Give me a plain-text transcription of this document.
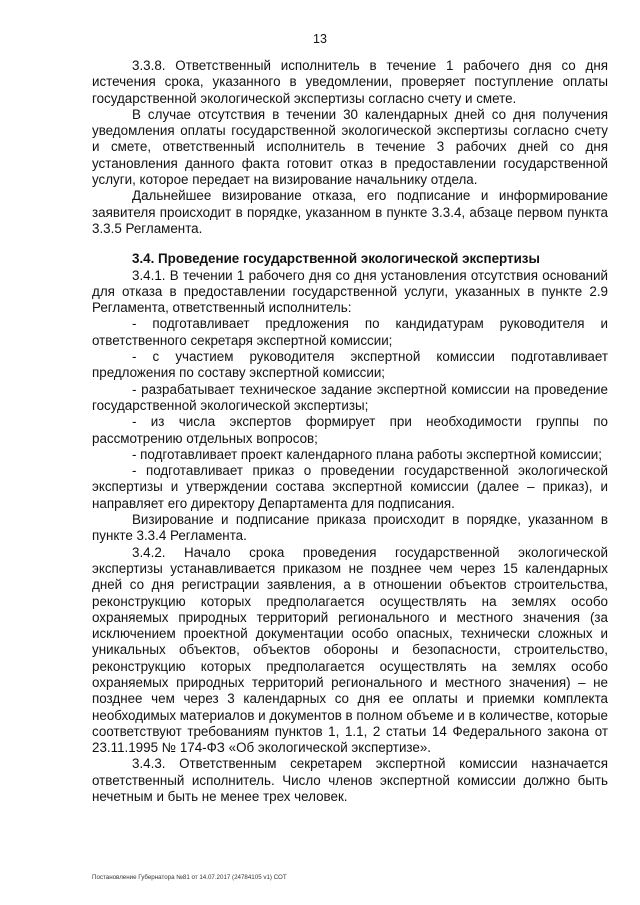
13

3.3.8. Ответственный исполнитель в течение 1 рабочего дня со дня истечения срока, указанного в уведомлении, проверяет поступление оплаты государственной экологической экспертизы согласно счету и смете.

В случае отсутствия в течении 30 календарных дней со дня получения уведомления оплаты государственной экологической экспертизы согласно счету и смете, ответственный исполнитель в течение 3 рабочих дней со дня установления данного факта готовит отказ в предоставлении государственной услуги, которое передает на визирование начальнику отдела.

Дальнейшее визирование отказа, его подписание и информирование заявителя происходит в порядке, указанном в пункте 3.3.4, абзаце первом пункта 3.3.5 Регламента.

3.4. Проведение государственной экологической экспертизы

3.4.1. В течении 1 рабочего дня со дня установления отсутствия оснований для отказа в предоставлении государственной услуги, указанных в пункте 2.9 Регламента, ответственный исполнитель:

- подготавливает предложения по кандидатурам руководителя и ответственного секретаря экспертной комиссии;

- с участием руководителя экспертной комиссии подготавливает предложения по составу экспертной комиссии;

- разрабатывает техническое задание экспертной комиссии на проведение государственной экологической экспертизы;

- из числа экспертов формирует при необходимости группы по рассмотрению отдельных вопросов;

- подготавливает проект календарного плана работы экспертной комиссии;

- подготавливает приказ о проведении государственной экологической экспертизы и утверждении состава экспертной комиссии (далее – приказ), и направляет его директору Департамента для подписания.

Визирование и подписание приказа происходит в порядке, указанном в пункте 3.3.4 Регламента.

3.4.2. Начало срока проведения государственной экологической экспертизы устанавливается приказом не позднее чем через 15 календарных дней со дня регистрации заявления, а в отношении объектов строительства, реконструкцию которых предполагается осуществлять на землях особо охраняемых природных территорий регионального и местного значения (за исключением проектной документации особо опасных, технически сложных и уникальных объектов, объектов обороны и безопасности, строительство, реконструкцию которых предполагается осуществлять на землях особо охраняемых природных территорий регионального и местного значения) – не позднее чем через 3 календарных со дня ее оплаты и приемки комплекта необходимых материалов и документов в полном объеме и в количестве, которые соответствуют требованиям пунктов 1, 1.1, 2 статьи 14 Федерального закона от 23.11.1995 № 174-ФЗ «Об экологической экспертизе».

3.4.3. Ответственным секретарем экспертной комиссии назначается ответственный исполнитель. Число членов экспертной комиссии должно быть нечетным и быть не менее трех человек.

Постановление Губернатора №81 от 14.07.2017 (24784105 v1) СОТ
